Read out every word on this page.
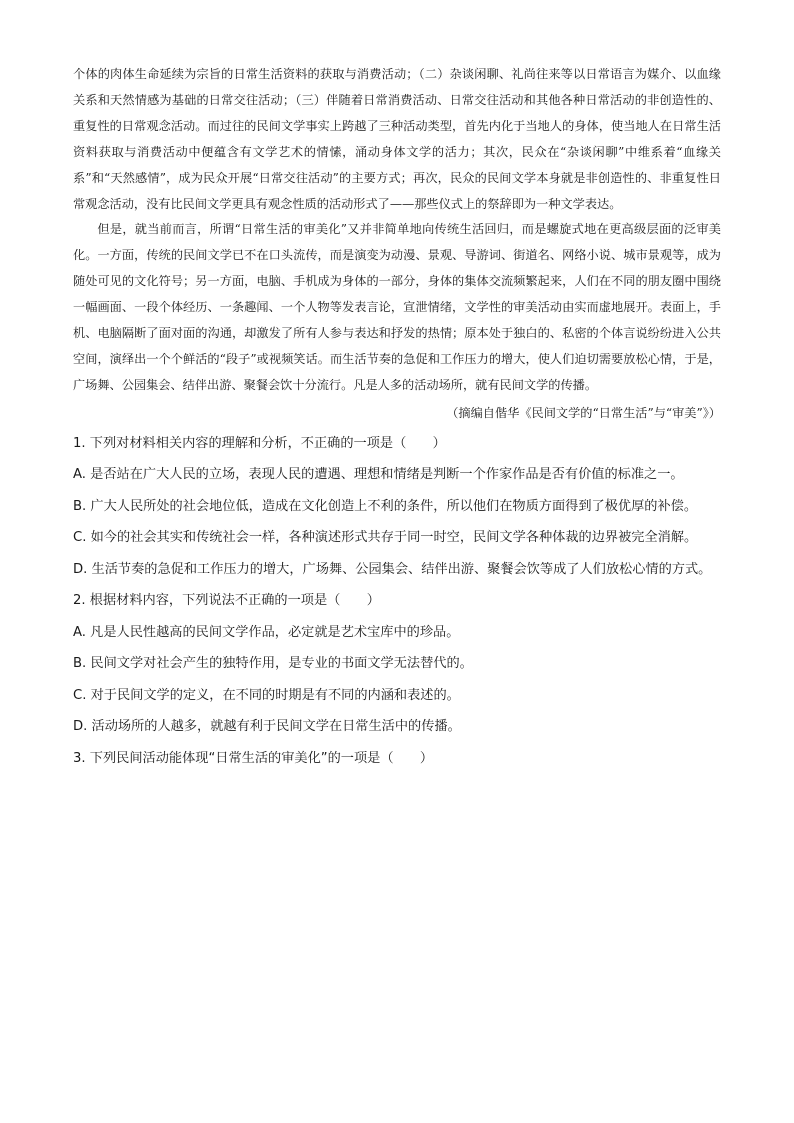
个体的肉体生命延续为宗旨的日常生活资料的获取与消费活动；（二）杂谈闲聊、礼尚往来等以日常语言为媒介、以血缘关系和天然情感为基础的日常交往活动；（三）伴随着日常消费活动、日常交往活动和其他各种日常活动的非创造性的、重复性的日常观念活动。而过往的民间文学事实上跨越了三种活动类型，首先内化于当地人的身体，使当地人在日常生活资料获取与消费活动中便蕴含有文学艺术的情愫，涌动身体文学的活力；其次，民众在“杂谈闲聊”中维系着“血缘关系”和“天然感情”，成为民众开展“日常交往活动”的主要方式；再次，民众的民间文学本身就是非创造性的、非重复性日常观念活动，没有比民间文学更具有观念性质的活动形式了——那些仪式上的祭辞即为一种文学表达。

但是，就当前而言，所谓“日常生活的审美化”又并非简单地向传统生活回归，而是螺旋式地在更高级层面的泛审美化。一方面，传统的民间文学已不在口头流传，而是演变为动漫、景观、导游词、街道名、网络小说、城市景观等，成为随处可见的文化符号；另一方面，电脑、手机成为身体的一部分，身体的集体交流频繁起来，人们在不同的朋友圈中围绕一幅画面、一段个体经历、一条趣闻、一个人物等发表言论，宣泄情绪，文学性的审美活动由实而虚地展开。表面上，手机、电脑隔断了面对面的沟通，却激发了所有人参与表达和抒发的热情；原本处于独白的、私密的个体言说纷纷进入公共空间，演绎出一个个鲜活的“段子”或视频笑话。而生活节奏的急促和工作压力的增大，使人们迫切需要放松心情，于是，广场舞、公园集会、结伴出游、聚餐会饮十分流行。凡是人多的活动场所，就有民间文学的传播。

（摘编自偕华《民间文学的“日常生活”与“审美”》）

1. 下列对材料相关内容的理解和分析，不正确的一项是（　　）

A. 是否站在广大人民的立场，表现人民的遭遇、理想和情绪是判断一个作家作品是否有价值的标准之一。

B. 广大人民所处的社会地位低，造成在文化创造上不利的条件，所以他们在物质方面得到了极优厚的补偿。

C. 如今的社会其实和传统社会一样，各种演述形式共存于同一时空，民间文学各种体裁的边界被完全消解。

D. 生活节奏的急促和工作压力的增大，广场舞、公园集会、结伴出游、聚餐会饮等成了人们放松心情的方式。

2. 根据材料内容，下列说法不正确的一项是（　　）

A. 凡是人民性越高的民间文学作品，必定就是艺术宝库中的珍品。

B. 民间文学对社会产生的独特作用，是专业的书面文学无法替代的。

C. 对于民间文学的定义，在不同的时期是有不同的内涵和表述的。

D. 活动场所的人越多，就越有利于民间文学在日常生活中的传播。

3. 下列民间活动能体现“日常生活的审美化”的一项是（　　）
